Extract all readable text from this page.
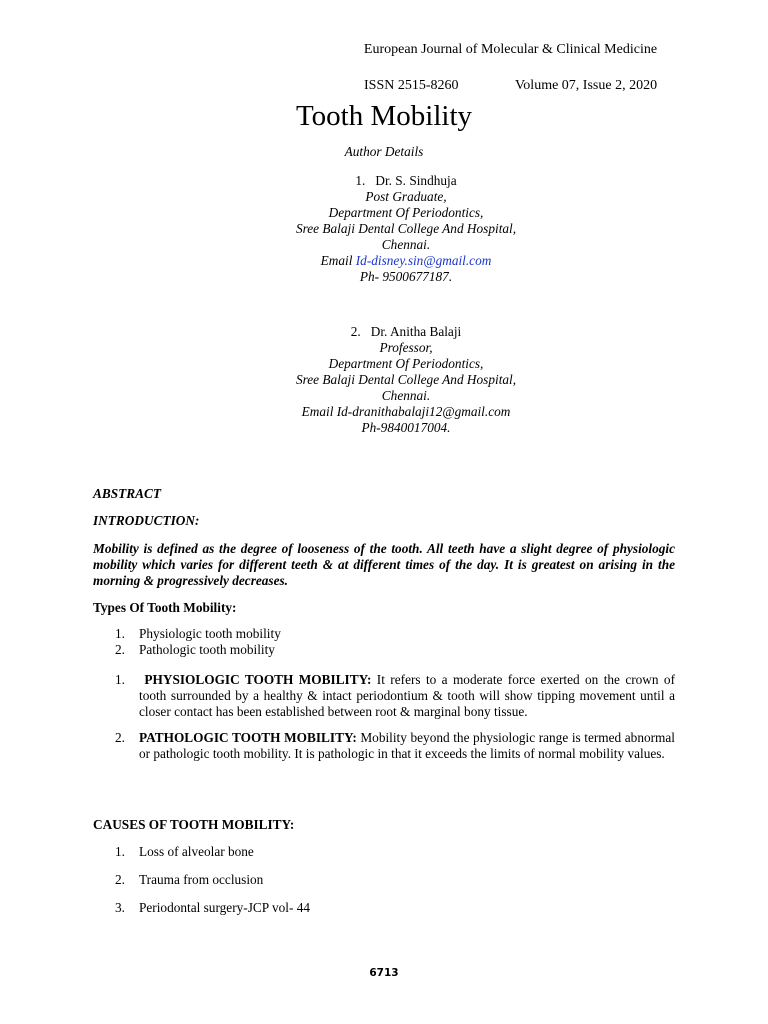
European Journal of Molecular & Clinical Medicine

ISSN 2515-8260	Volume 07, Issue 2, 2020

Tooth Mobility
Author Details
1. Dr. S. Sindhuja
Post Graduate,
Department Of Periodontics,
Sree Balaji Dental College And Hospital,
Chennai.
Email Id-disney.sin@gmail.com
Ph- 9500677187.
2. Dr. Anitha Balaji
Professor,
Department Of Periodontics,
Sree Balaji Dental College And Hospital,
Chennai.
Email Id-dranithabalaji12@gmail.com
Ph-9840017004.
ABSTRACT
INTRODUCTION:
Mobility is defined as the degree of looseness of the tooth. All teeth have a slight degree of physiologic mobility which varies for different teeth & at different times of the day. It is greatest on arising in the morning & progressively decreases.
Types Of Tooth Mobility:
1. Physiologic tooth mobility
2. Pathologic tooth mobility
1. PHYSIOLOGIC TOOTH MOBILITY: It refers to a moderate force exerted on the crown of tooth surrounded by a healthy & intact periodontium & tooth will show tipping movement until a closer contact has been established between root & marginal bony tissue.
2. PATHOLOGIC TOOTH MOBILITY: Mobility beyond the physiologic range is termed abnormal or pathologic tooth mobility. It is pathologic in that it exceeds the limits of normal mobility values.
CAUSES OF TOOTH MOBILITY:
1. Loss of alveolar bone
2. Trauma from occlusion
3. Periodontal surgery-JCP vol- 44
6713
